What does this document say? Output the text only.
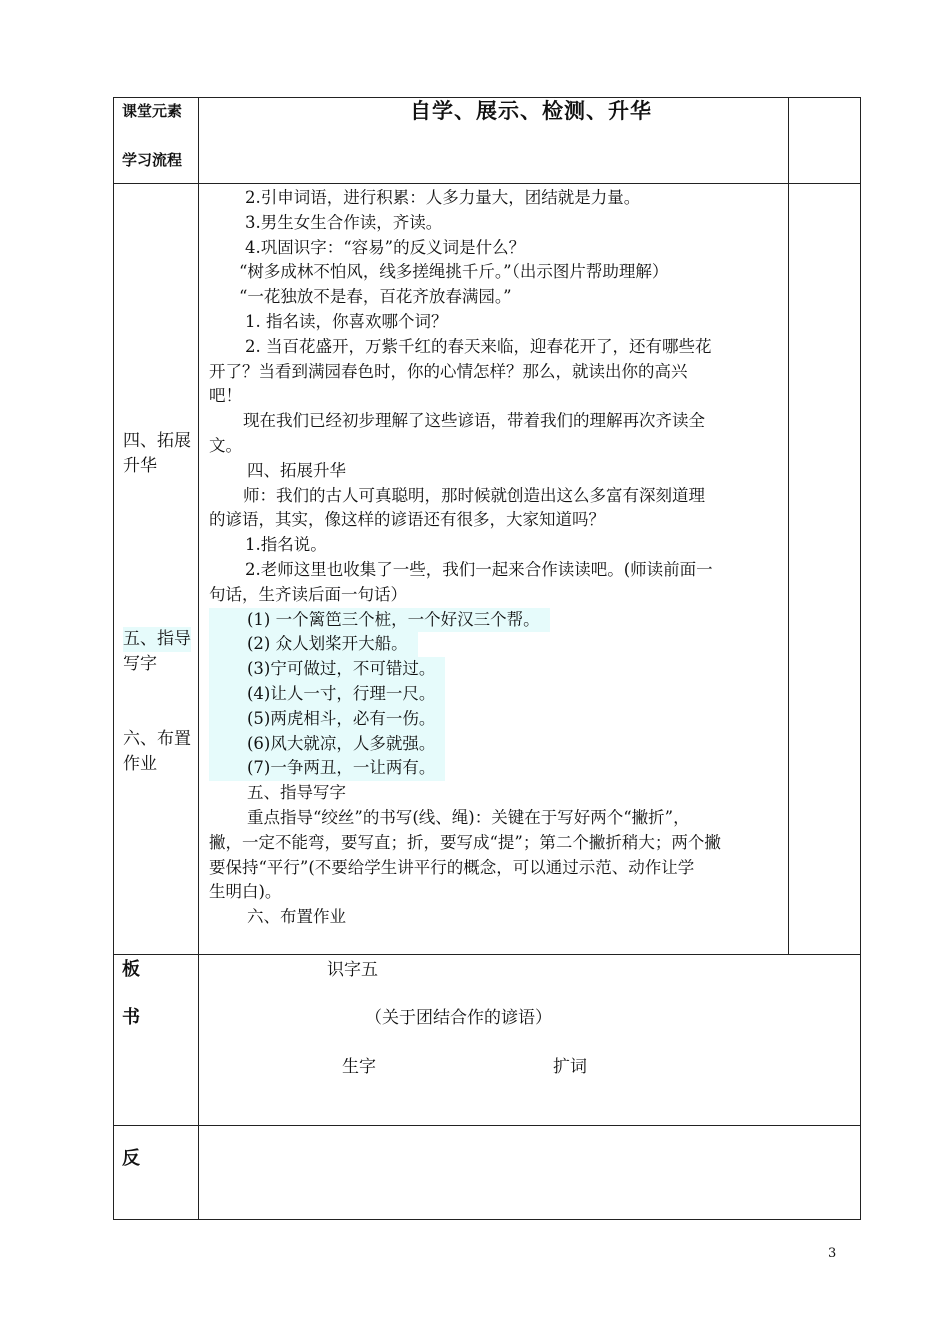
课堂元素
学习流程
自学、展示、检测、升华
四、拓展
升华
五、指导
写字
六、布置
作业

2.引申词语，进行积累：人多力量大，团结就是力量。

3.男生女生合作读，齐读。

4.巩固识字：“容易”的反义词是什么？

“树多成林不怕风，线多搓绳挑千斤。”（出示图片帮助理解）

“一花独放不是春，百花齐放春满园。”

1. 指名读，你喜欢哪个词？

2. 当百花盛开，万紫千红的春天来临，迎春花开了，还有哪些花

开了？当看到满园春色时，你的心情怎样？那么，就读出你的高兴

吧！

现在我们已经初步理解了这些谚语，带着我们的理解再次齐读全

文。

四、拓展升华

师：我们的古人可真聪明，那时候就创造出这么多富有深刻道理

的谚语，其实，像这样的谚语还有很多，大家知道吗？

1.指名说。

2.老师这里也收集了一些，我们一起来合作读读吧。(师读前面一

句话，生齐读后面一句话）

(1) 一个篱笆三个桩，一个好汉三个帮。

(2) 众人划桨开大船。

(3)宁可做过，不可错过。

(4)让人一寸，行理一尺。

(5)两虎相斗，必有一伤。

(6)风大就凉，人多就强。

(7)一争两丑，一让两有。

五、指导写字

重点指导“绞丝”的书写(线、绳)：关键在于写好两个“撇折”，

撇，一定不能弯，要写直；折，要写成“提”；第二个撇折稍大；两个撇

要保持“平行”(不要给学生讲平行的概念，可以通过示范、动作让学

生明白)。

六、布置作业

板
书
识字五
（关于团结合作的谚语）
生字	扩词
反
3
